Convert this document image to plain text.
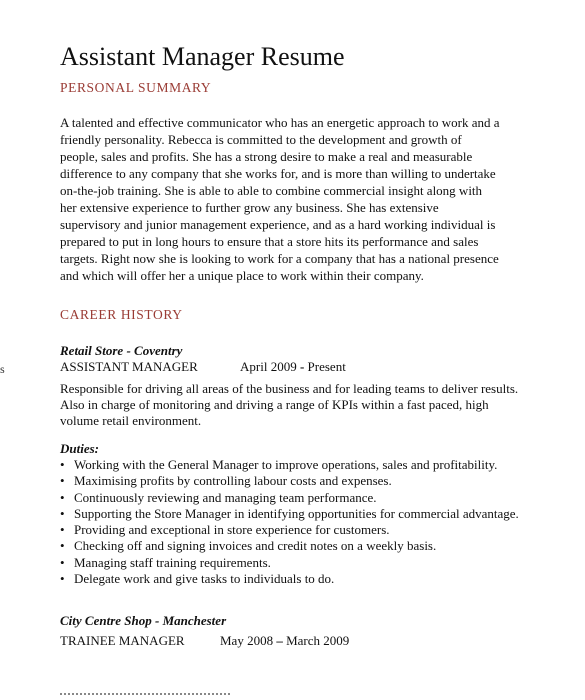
Assistant Manager Resume
PERSONAL SUMMARY
A talented and effective communicator who has an energetic approach to work and a
friendly personality. Rebecca is committed to the development and growth of
people, sales and profits. She has a strong desire to make a real and measurable
difference to any company that she works for, and is more than willing to undertake
on-the-job training. She is able to able to combine commercial insight along with
her extensive experience to further grow any business. She has extensive
supervisory and junior management experience, and as a hard working individual is
prepared to put in long hours to ensure that a store hits its performance and sales
targets. Right now she is looking to work for a company that has a national presence
and which will offer her a unique place to work within their company.
CAREER HISTORY
s
Retail Store - Coventry
ASSISTANT MANAGER	April 2009 - Present
Responsible for driving all areas of the business and for leading teams to deliver results.
Also in charge of monitoring and driving a range of KPIs within a fast paced, high
volume retail environment.
Duties:
• Working with the General Manager to improve operations, sales and profitability.
• Maximising profits by controlling labour costs and expenses.
• Continuously reviewing and managing team performance.
• Supporting the Store Manager in identifying opportunities for commercial advantage.
• Providing and exceptional in store experience for customers.
• Checking off and signing invoices and credit notes on a weekly basis.
• Managing staff training requirements.
• Delegate work and give tasks to individuals to do.
City Centre Shop - Manchester
TRAINEE MANAGER	May 2008 – March 2009
